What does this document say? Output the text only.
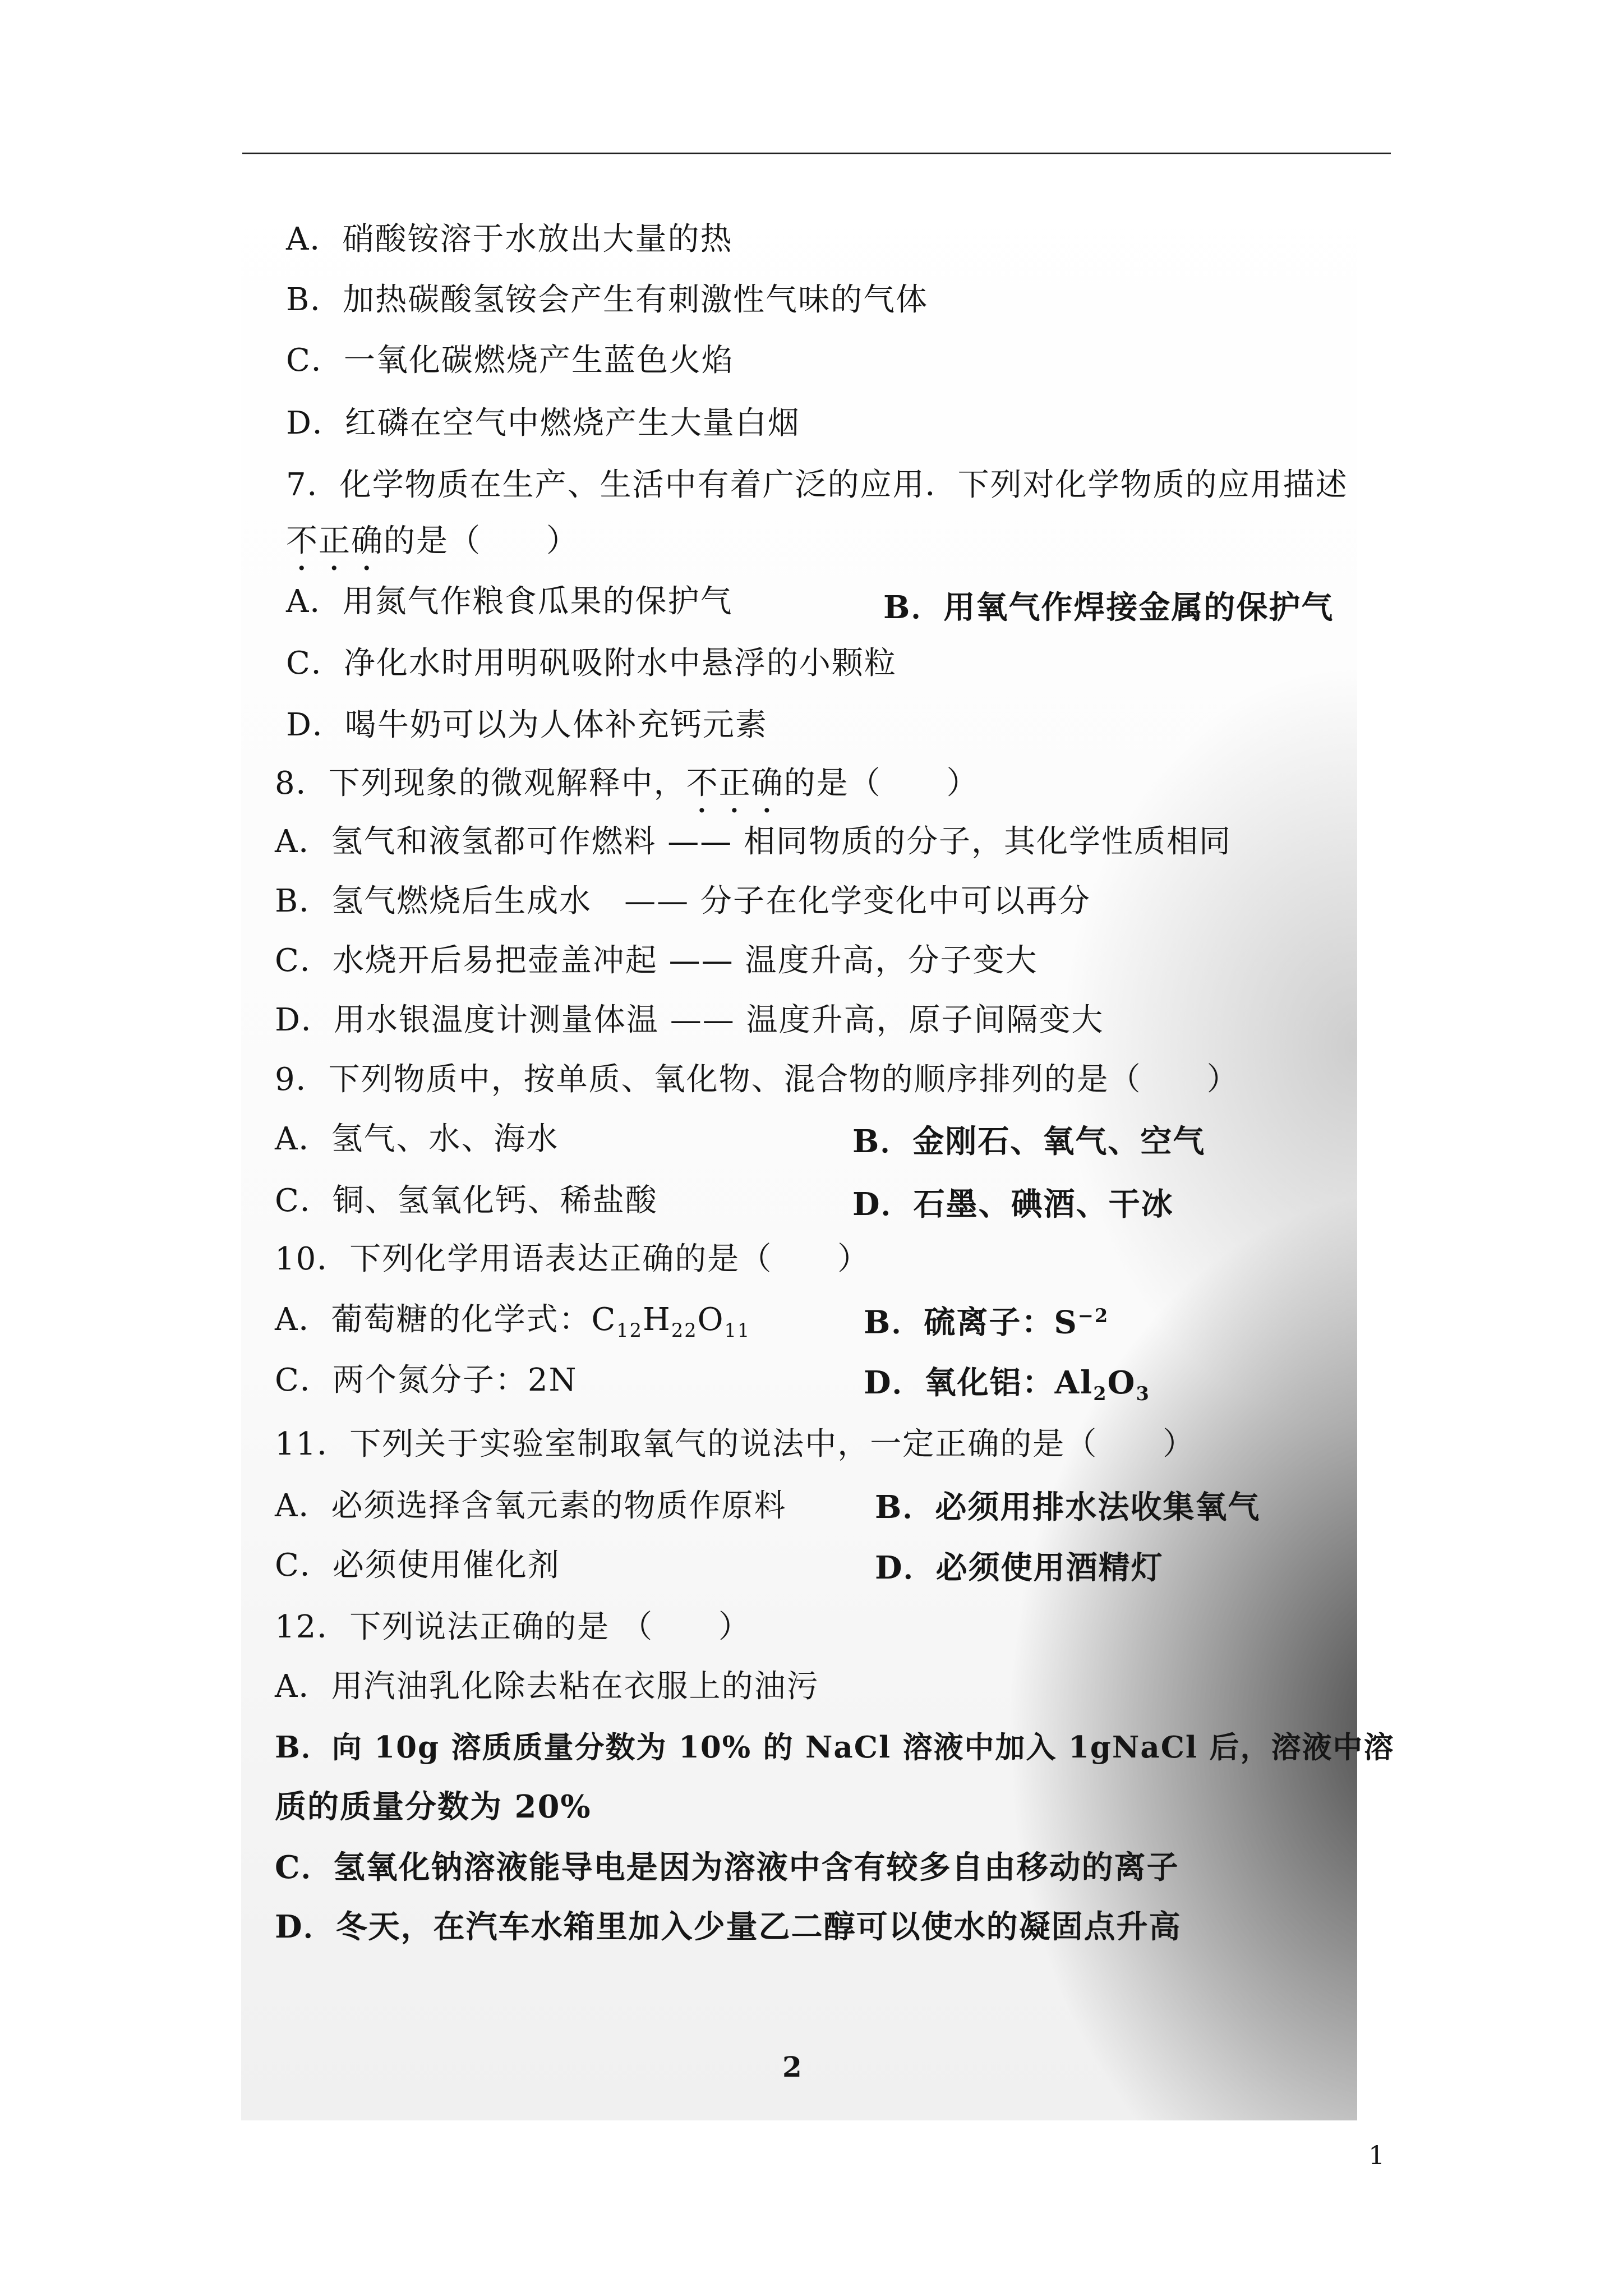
A．硝酸铵溶于水放出大量的热
B．加热碳酸氢铵会产生有刺激性气味的气体
C．一氧化碳燃烧产生蓝色火焰
D．红磷在空气中燃烧产生大量白烟
7．化学物质在生产、生活中有着广泛的应用．下列对化学物质的应用描述
不正确的是（　　）
A．用氮气作粮食瓜果的保护气	B．用氧气作焊接金属的保护气
C．净化水时用明矾吸附水中悬浮的小颗粒
D．喝牛奶可以为人体补充钙元素
8．下列现象的微观解释中，不正确的是（　　）
A．氢气和液氢都可作燃料 —— 相同物质的分子，其化学性质相同
B．氢气燃烧后生成水　—— 分子在化学变化中可以再分
C．水烧开后易把壶盖冲起 —— 温度升高，分子变大
D．用水银温度计测量体温 —— 温度升高，原子间隔变大
9．下列物质中，按单质、氧化物、混合物的顺序排列的是（　　）
A．氢气、水、海水	B．金刚石、氧气、空气
C．铜、氢氧化钙、稀盐酸	D．石墨、碘酒、干冰
10．下列化学用语表达正确的是（　　）
A．葡萄糖的化学式：$C_{12}H_{22}O_{11}$	B．硫离子：$S^{-2}$
C．两个氮分子：2N	D．氧化铝：$Al_2O_3$
11．下列关于实验室制取氧气的说法中，一定正确的是（　　）
A．必须选择含氧元素的物质作原料	B．必须用排水法收集氧气
C．必须使用催化剂	D．必须使用酒精灯
12．下列说法正确的是 （　　）
A．用汽油乳化除去粘在衣服上的油污
B．向 10g 溶质质量分数为 10% 的 NaCl 溶液中加入 1gNaCl 后，溶液中溶
质的质量分数为 20%
C．氢氧化钠溶液能导电是因为溶液中含有较多自由移动的离子
D．冬天，在汽车水箱里加入少量乙二醇可以使水的凝固点升高
2
1
